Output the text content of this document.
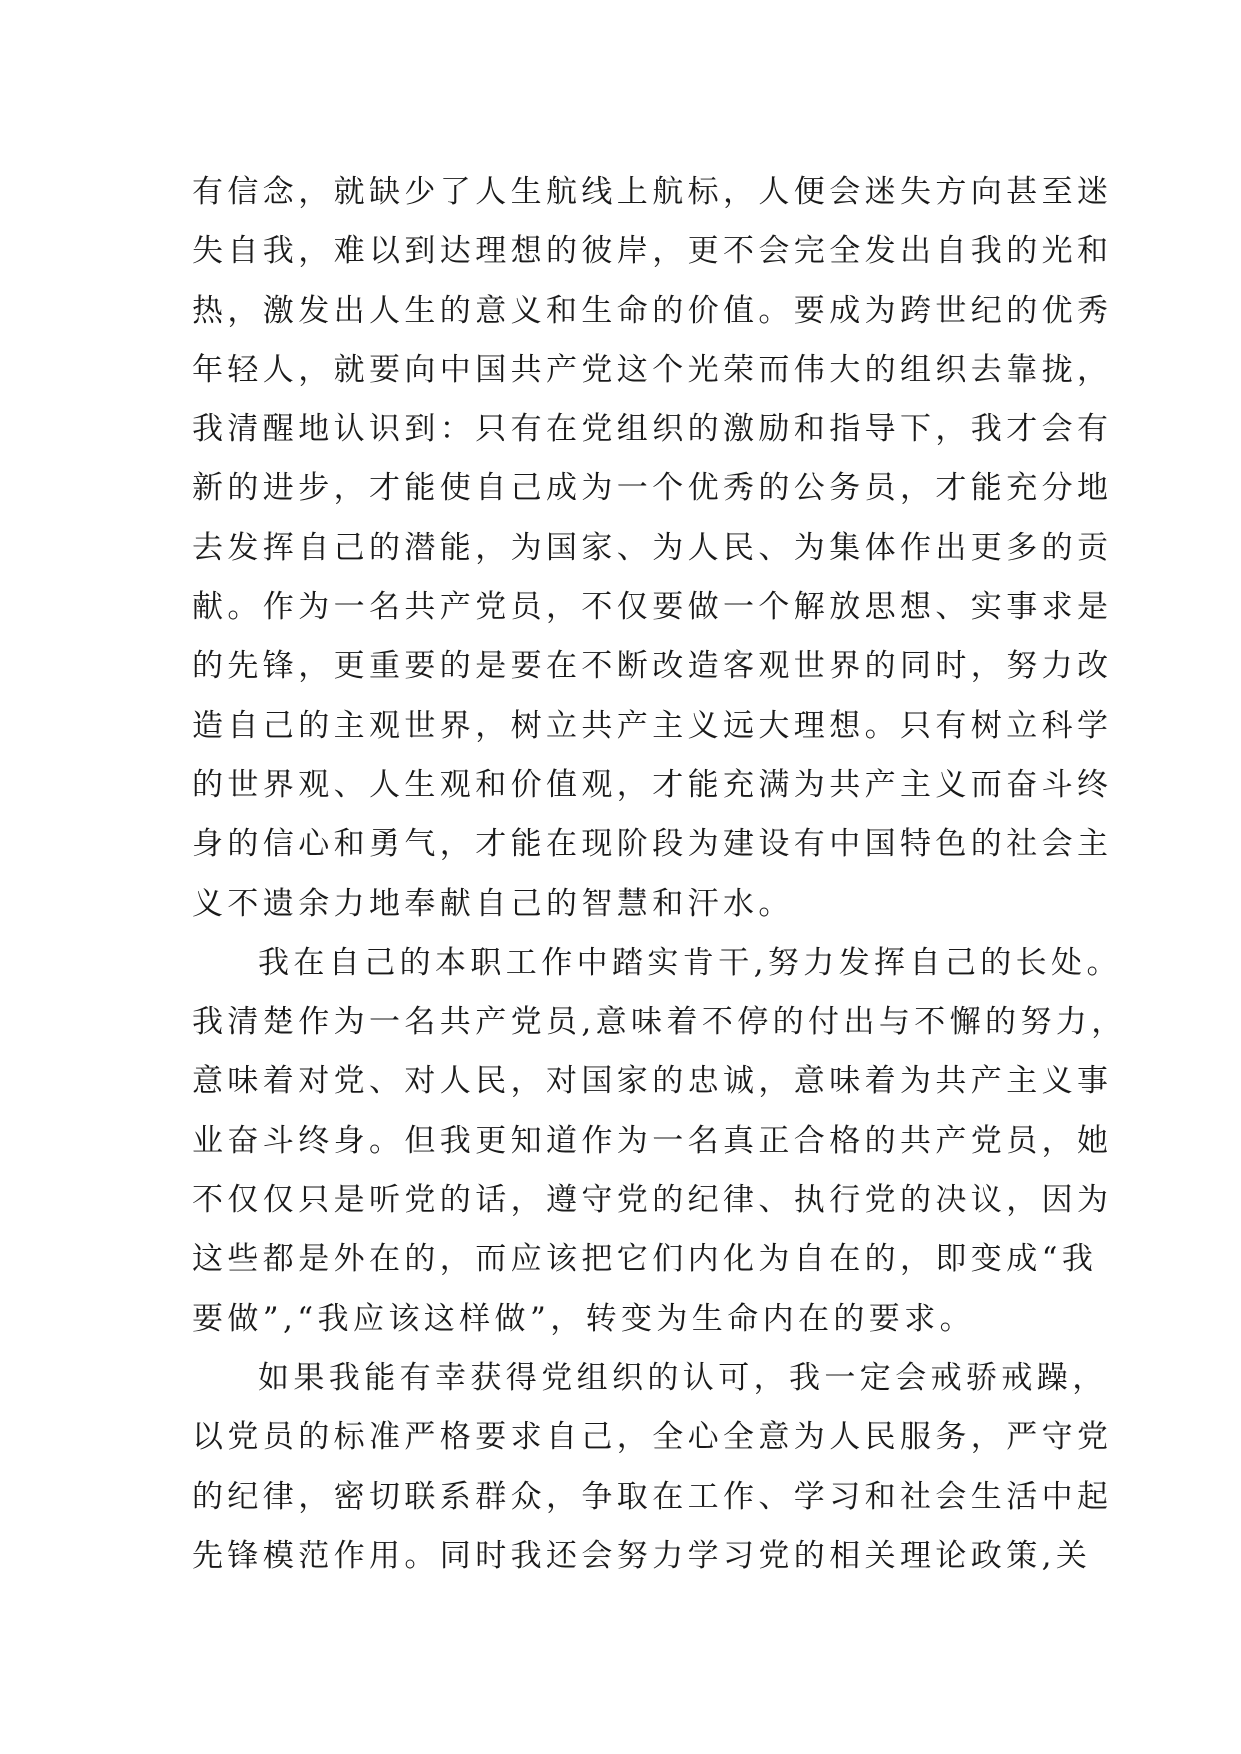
有信念，就缺少了人生航线上航标，人便会迷失方向甚至迷
失自我，难以到达理想的彼岸，更不会完全发出自我的光和
热，激发出人生的意义和生命的价值。要成为跨世纪的优秀
年轻人，就要向中国共产党这个光荣而伟大的组织去靠拢，
我清醒地认识到：只有在党组织的激励和指导下，我才会有
新的进步，才能使自己成为一个优秀的公务员，才能充分地
去发挥自己的潜能，为国家、为人民、为集体作出更多的贡
献。作为一名共产党员，不仅要做一个解放思想、实事求是
的先锋，更重要的是要在不断改造客观世界的同时，努力改
造自己的主观世界，树立共产主义远大理想。只有树立科学
的世界观、人生观和价值观，才能充满为共产主义而奋斗终
身的信心和勇气，才能在现阶段为建设有中国特色的社会主
义不遗余力地奉献自己的智慧和汗水。
我在自己的本职工作中踏实肯干,努力发挥自己的长处。
我清楚作为一名共产党员,意味着不停的付出与不懈的努力，
意味着对党、对人民，对国家的忠诚，意味着为共产主义事
业奋斗终身。但我更知道作为一名真正合格的共产党员，她
不仅仅只是听党的话，遵守党的纪律、执行党的决议，因为
这些都是外在的，而应该把它们内化为自在的，即变成“我
要做”,“我应该这样做”，转变为生命内在的要求。
如果我能有幸获得党组织的认可，我一定会戒骄戒躁，
以党员的标准严格要求自己，全心全意为人民服务，严守党
的纪律，密切联系群众，争取在工作、学习和社会生活中起
先锋模范作用。同时我还会努力学习党的相关理论政策,关
